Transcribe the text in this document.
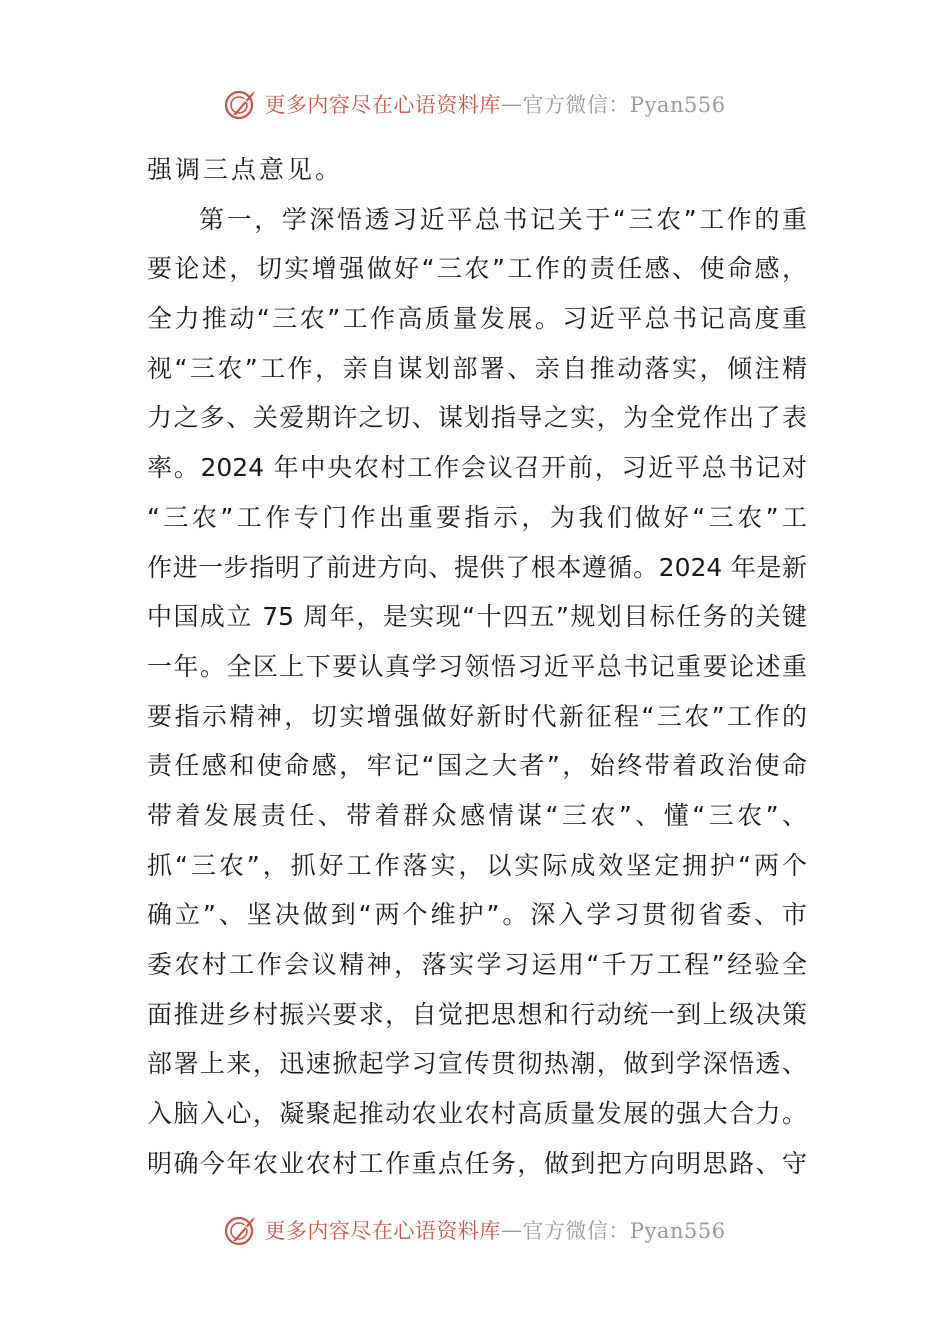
更多内容尽在心语资料库 — 官方微信：Pyan556
强调三点意见。
第一，学深悟透习近平总书记关于“三农”工作的重
要论述，切实增强做好“三农”工作的责任感、使命感，
全力推动“三农”工作高质量发展。习近平总书记高度重
视“三农”工作，亲自谋划部署、亲自推动落实，倾注精
力之多、关爱期许之切、谋划指导之实，为全党作出了表
率。2024 年中央农村工作会议召开前，习近平总书记对
“三农”工作专门作出重要指示，为我们做好“三农”工
作进一步指明了前进方向、提供了根本遵循。2024 年是新
中国成立 75 周年，是实现“十四五”规划目标任务的关键
一年。全区上下要认真学习领悟习近平总书记重要论述重
要指示精神，切实增强做好新时代新征程“三农”工作的
责任感和使命感，牢记“国之大者”，始终带着政治使命
带着发展责任、带着群众感情谋“三农”、懂“三农”、
抓“三农”，抓好工作落实，以实际成效坚定拥护“两个
确立”、坚决做到“两个维护”。深入学习贯彻省委、市
委农村工作会议精神，落实学习运用“千万工程”经验全
面推进乡村振兴要求，自觉把思想和行动统一到上级决策
部署上来，迅速掀起学习宣传贯彻热潮，做到学深悟透、
入脑入心，凝聚起推动农业农村高质量发展的强大合力。
明确今年农业农村工作重点任务，做到把方向明思路、守
更多内容尽在心语资料库 — 官方微信：Pyan556
